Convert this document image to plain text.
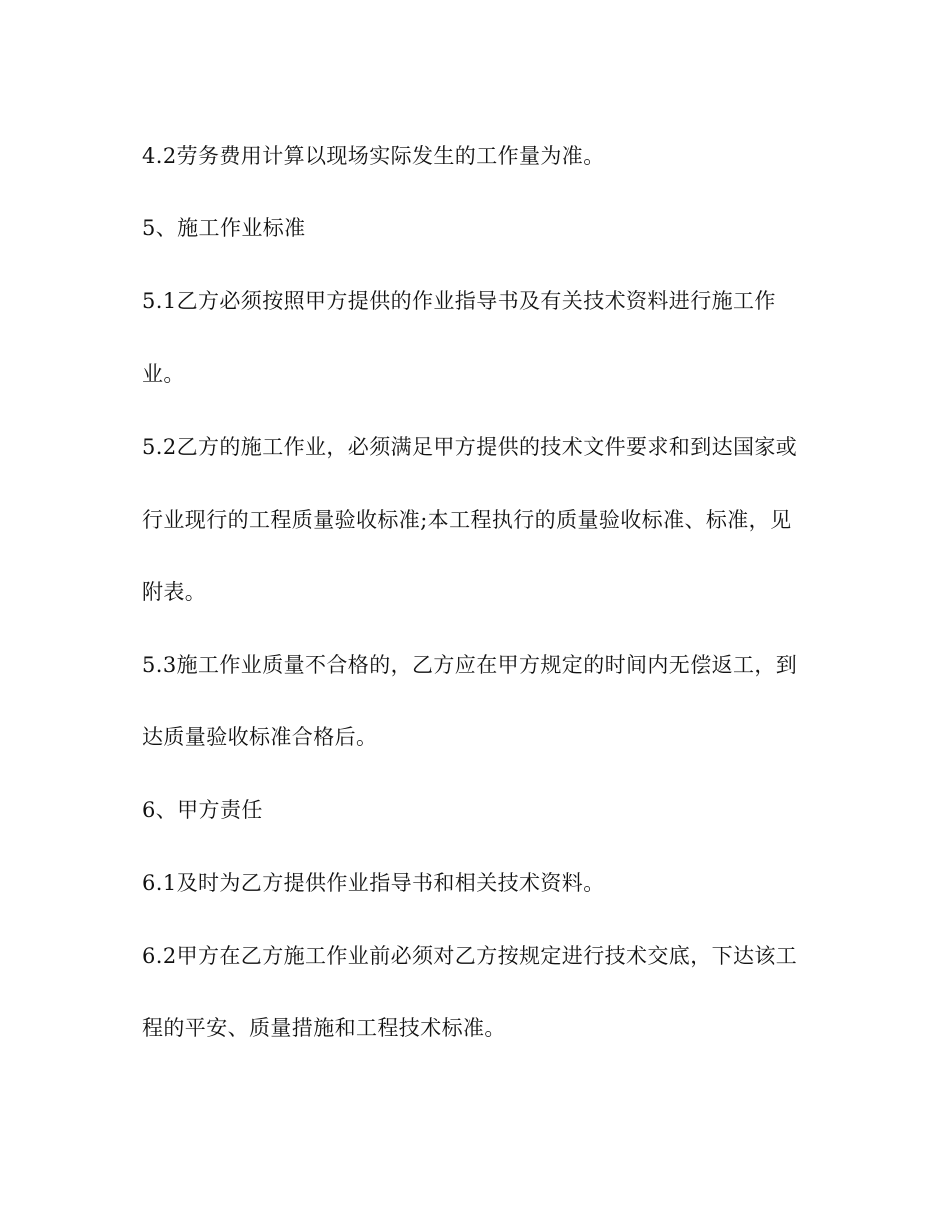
4.2劳务费用计算以现场实际发生的工作量为准。
5、施工作业标准
5.1乙方必须按照甲方提供的作业指导书及有关技术资料进行施工作
业。
5.2乙方的施工作业，必须满足甲方提供的技术文件要求和到达国家或
行业现行的工程质量验收标准;本工程执行的质量验收标准、标准，见
附表。
5.3施工作业质量不合格的，乙方应在甲方规定的时间内无偿返工，到
达质量验收标准合格后。
6、甲方责任
6.1及时为乙方提供作业指导书和相关技术资料。
6.2甲方在乙方施工作业前必须对乙方按规定进行技术交底，下达该工
程的平安、质量措施和工程技术标准。
